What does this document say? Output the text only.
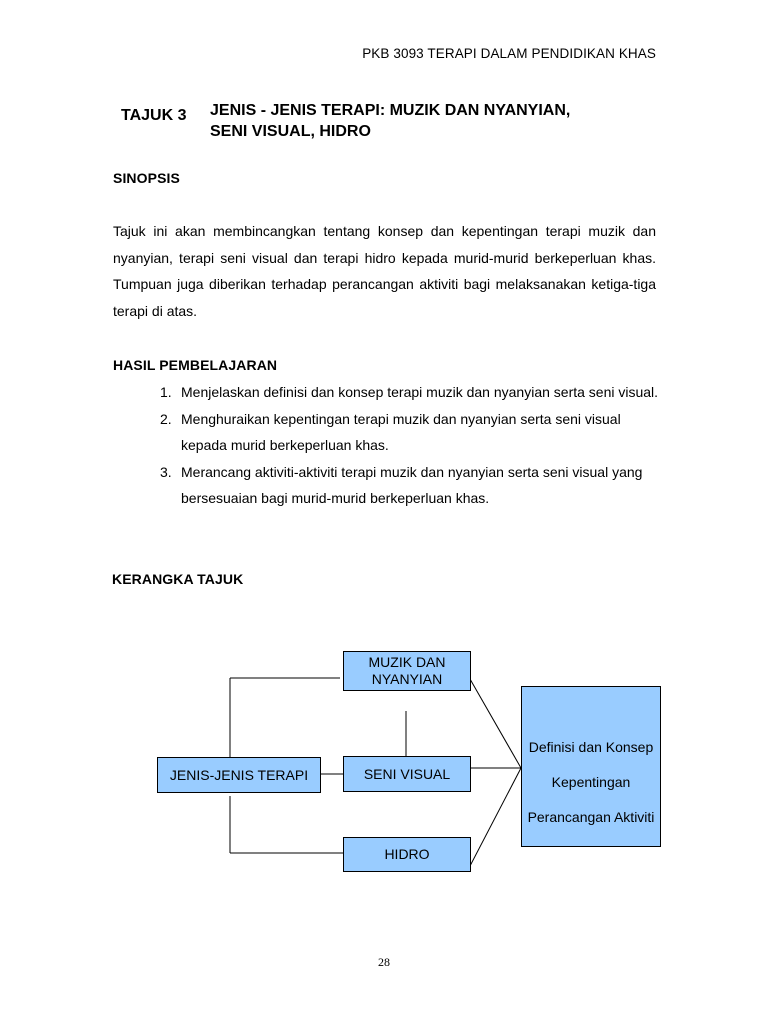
PKB 3093 TERAPI DALAM PENDIDIKAN KHAS
TAJUK 3 JENIS - JENIS TERAPI: MUZIK DAN NYANYIAN,
SENI VISUAL, HIDRO
SINOPSIS
Tajuk ini akan membincangkan tentang konsep dan kepentingan terapi muzik dan nyanyian, terapi seni visual dan terapi hidro kepada murid-murid berkeperluan khas. Tumpuan juga diberikan terhadap perancangan aktiviti bagi melaksanakan ketiga-tiga terapi di atas.
HASIL PEMBELAJARAN
1. Menjelaskan definisi dan konsep terapi muzik dan nyanyian serta seni visual.
2. Menghuraikan kepentingan terapi muzik dan nyanyian serta seni visual kepada murid berkeperluan khas.
3. Merancang aktiviti-aktiviti terapi muzik dan nyanyian serta seni visual yang bersesuaian bagi murid-murid berkeperluan khas.
KERANGKA TAJUK
MUZIK DAN
NYANYIAN
JENIS-JENIS TERAPI	SENI VISUAL
HIDRO
Definisi dan Konsep
Kepentingan
Perancangan Aktiviti
28
